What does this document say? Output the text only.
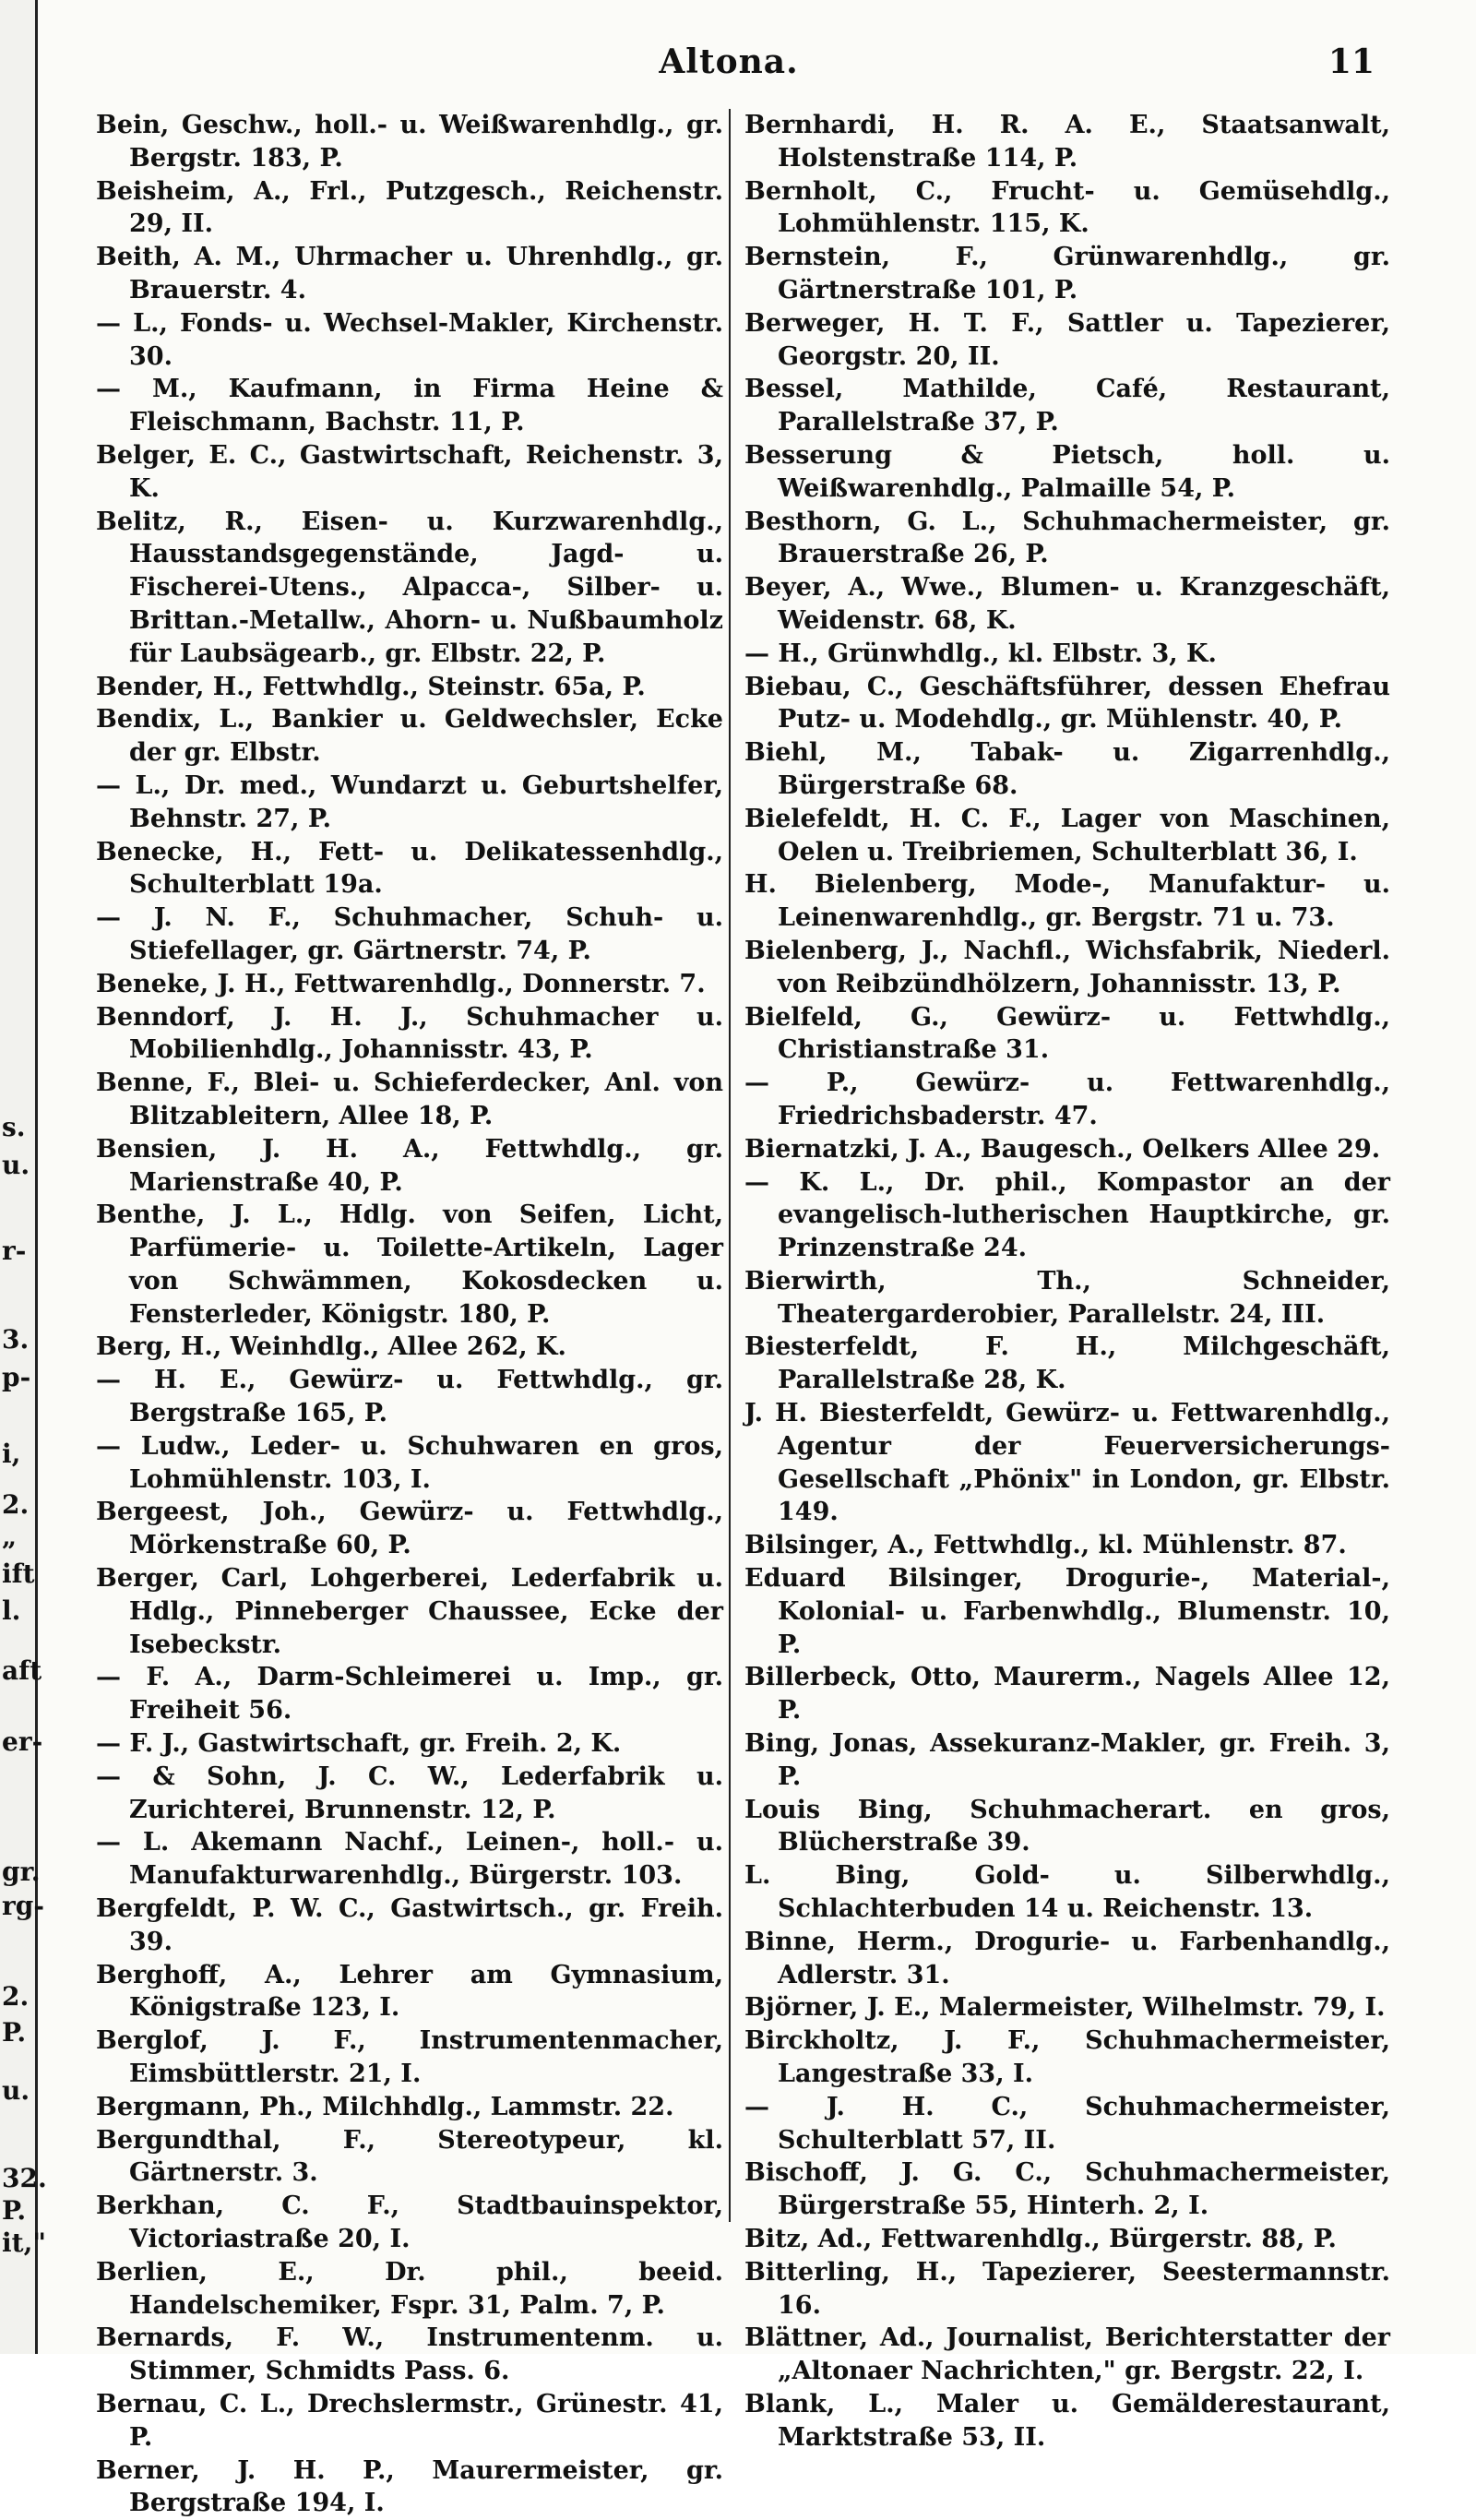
s.
u.
r-
3.
p-
i,
2.
„
ift
l.
aft
er-
gr.
rg-
2.
P.
u.
32.
P.
it,"
Altona.	11

Bein, Geschw., holl.- u. Weißwarenhdlg., gr. Bergstr. 183, P.

Beisheim, A., Frl., Putzgesch., Reichenstr. 29, II.

Beith, A. M., Uhrmacher u. Uhrenhdlg., gr. Brauerstr. 4.

— L., Fonds- u. Wechsel-Makler, Kirchenstr. 30.

— M., Kaufmann, in Firma Heine & Fleischmann, Bachstr. 11, P.

Belger, E. C., Gastwirtschaft, Reichenstr. 3, K.

Belitz, R., Eisen- u. Kurzwarenhdlg., Hausstandsgegenstände, Jagd- u. Fischerei-Utens., Alpacca-, Silber- u. Brittan.-Metallw., Ahorn- u. Nußbaumholz für Laubsägearb., gr. Elbstr. 22, P.

Bender, H., Fettwhdlg., Steinstr. 65a, P.

Bendix, L., Bankier u. Geldwechsler, Ecke der gr. Elbstr.

— L., Dr. med., Wundarzt u. Geburtshelfer, Behnstr. 27, P.

Benecke, H., Fett- u. Delikatessenhdlg., Schulterblatt 19a.

— J. N. F., Schuhmacher, Schuh- u. Stiefellager, gr. Gärtnerstr. 74, P.

Beneke, J. H., Fettwarenhdlg., Donnerstr. 7.

Benndorf, J. H. J., Schuhmacher u. Mobilienhdlg., Johannisstr. 43, P.

Benne, F., Blei- u. Schieferdecker, Anl. von Blitzableitern, Allee 18, P.

Bensien, J. H. A., Fettwhdlg., gr. Marienstraße 40, P.

Benthe, J. L., Hdlg. von Seifen, Licht, Parfümerie- u. Toilette-Artikeln, Lager von Schwämmen, Kokosdecken u. Fensterleder, Königstr. 180, P.

Berg, H., Weinhdlg., Allee 262, K.

— H. E., Gewürz- u. Fettwhdlg., gr. Bergstraße 165, P.

— Ludw., Leder- u. Schuhwaren en gros, Lohmühlenstr. 103, I.

Bergeest, Joh., Gewürz- u. Fettwhdlg., Mörkenstraße 60, P.

Berger, Carl, Lohgerberei, Lederfabrik u. Hdlg., Pinneberger Chaussee, Ecke der Isebeckstr.

— F. A., Darm-Schleimerei u. Imp., gr. Freiheit 56.

— F. J., Gastwirtschaft, gr. Freih. 2, K.

— & Sohn, J. C. W., Lederfabrik u. Zurichterei, Brunnenstr. 12, P.

— L. Akemann Nachf., Leinen-, holl.- u. Manufakturwarenhdlg., Bürgerstr. 103.

Bergfeldt, P. W. C., Gastwirtsch., gr. Freih. 39.

Berghoff, A., Lehrer am Gymnasium, Königstraße 123, I.

Berglof, J. F., Instrumentenmacher, Eimsbüttlerstr. 21, I.

Bergmann, Ph., Milchhdlg., Lammstr. 22.

Bergundthal, F., Stereotypeur, kl. Gärtnerstr. 3.

Berkhan, C. F., Stadtbauinspektor, Victoriastraße 20, I.

Berlien, E., Dr. phil., beeid. Handelschemiker, Fspr. 31, Palm. 7, P.

Bernards, F. W., Instrumentenm. u. Stimmer, Schmidts Pass. 6.

Bernau, C. L., Drechslermstr., Grünestr. 41, P.

Berner, J. H. P., Maurermeister, gr. Bergstraße 194, I.

Bernhardi, H. R. A. E., Staatsanwalt, Holstenstraße 114, P.

Bernholt, C., Frucht- u. Gemüsehdlg., Lohmühlenstr. 115, K.

Bernstein, F., Grünwarenhdlg., gr. Gärtnerstraße 101, P.

Berweger, H. T. F., Sattler u. Tapezierer, Georgstr. 20, II.

Bessel, Mathilde, Café, Restaurant, Parallelstraße 37, P.

Besserung & Pietsch, holl. u. Weißwarenhdlg., Palmaille 54, P.

Besthorn, G. L., Schuhmachermeister, gr. Brauerstraße 26, P.

Beyer, A., Wwe., Blumen- u. Kranzgeschäft, Weidenstr. 68, K.

— H., Grünwhdlg., kl. Elbstr. 3, K.

Biebau, C., Geschäftsführer, dessen Ehefrau Putz- u. Modehdlg., gr. Mühlenstr. 40, P.

Biehl, M., Tabak- u. Zigarrenhdlg., Bürgerstraße 68.

Bielefeldt, H. C. F., Lager von Maschinen, Oelen u. Treibriemen, Schulterblatt 36, I.

H. Bielenberg, Mode-, Manufaktur- u. Leinenwarenhdlg., gr. Bergstr. 71 u. 73.

Bielenberg, J., Nachfl., Wichsfabrik, Niederl. von Reibzündhölzern, Johannisstr. 13, P.

Bielfeld, G., Gewürz- u. Fettwhdlg., Christianstraße 31.

— P., Gewürz- u. Fettwarenhdlg., Friedrichsbaderstr. 47.

Biernatzki, J. A., Baugesch., Oelkers Allee 29.

— K. L., Dr. phil., Kompastor an der evangelisch-lutherischen Hauptkirche, gr. Prinzenstraße 24.

Bierwirth, Th., Schneider, Theatergarderobier, Parallelstr. 24, III.

Biesterfeldt, F. H., Milchgeschäft, Parallelstraße 28, K.

J. H. Biesterfeldt, Gewürz- u. Fettwarenhdlg., Agentur der Feuerversicherungs-Gesellschaft „Phönix" in London, gr. Elbstr. 149.

Bilsinger, A., Fettwhdlg., kl. Mühlenstr. 87.

Eduard Bilsinger, Drogurie-, Material-, Kolonial- u. Farbenwhdlg., Blumenstr. 10, P.

Billerbeck, Otto, Maurerm., Nagels Allee 12, P.

Bing, Jonas, Assekuranz-Makler, gr. Freih. 3, P.

Louis Bing, Schuhmacherart. en gros, Blücherstraße 39.

L. Bing, Gold- u. Silberwhdlg., Schlachterbuden 14 u. Reichenstr. 13.

Binne, Herm., Drogurie- u. Farbenhandlg., Adlerstr. 31.

Björner, J. E., Malermeister, Wilhelmstr. 79, I.

Birckholtz, J. F., Schuhmachermeister, Langestraße 33, I.

— J. H. C., Schuhmachermeister, Schulterblatt 57, II.

Bischoff, J. G. C., Schuhmachermeister, Bürgerstraße 55, Hinterh. 2, I.

Bitz, Ad., Fettwarenhdlg., Bürgerstr. 88, P.

Bitterling, H., Tapezierer, Seestermannstr. 16.

Blättner, Ad., Journalist, Berichterstatter der „Altonaer Nachrichten," gr. Bergstr. 22, I.

Blank, L., Maler u. Gemälderestaurant, Marktstraße 53, II.
